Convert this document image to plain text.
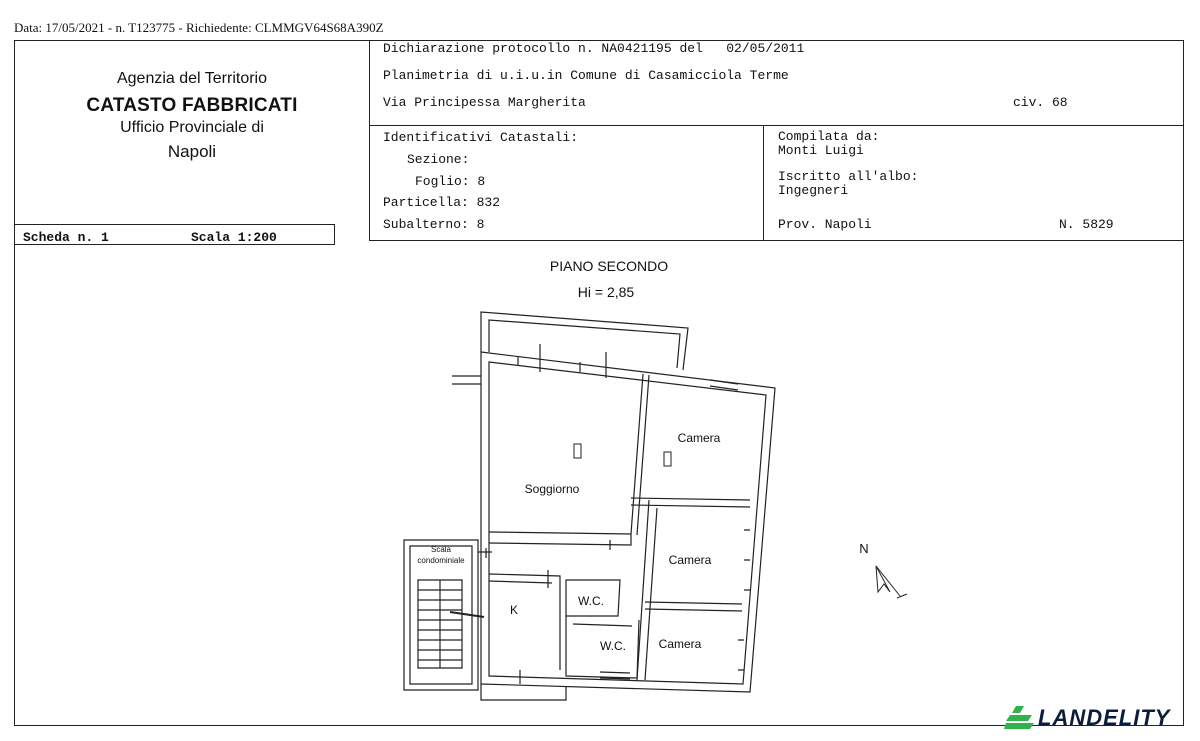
Data: 17/05/2021 - n. T123775 - Richiedente: CLMMGV64S68A390Z
Agenzia del Territorio
CATASTO FABBRICATI
Ufficio Provinciale di
Napoli
Dichiarazione protocollo n. NA0421195 del   02/05/2011
Planimetria di u.i.u.in Comune di Casamicciola Terme
Via Principessa Margherita	civ. 68
Identificativi Catastali:
Sezione:
Foglio: 8
Particella: 832
Subalterno: 8
Compilata da:
Monti Luigi
Iscritto all'albo:
Ingegneri
Prov. Napoli	N. 5829
Scheda n. 1	Scala 1:200
PIANO SECONDO
Hi = 2,85
Soggiorno
Camera
Camera
Camera
W.C.
W.C.
K
Scala
condominiale
N
LANDELITY
